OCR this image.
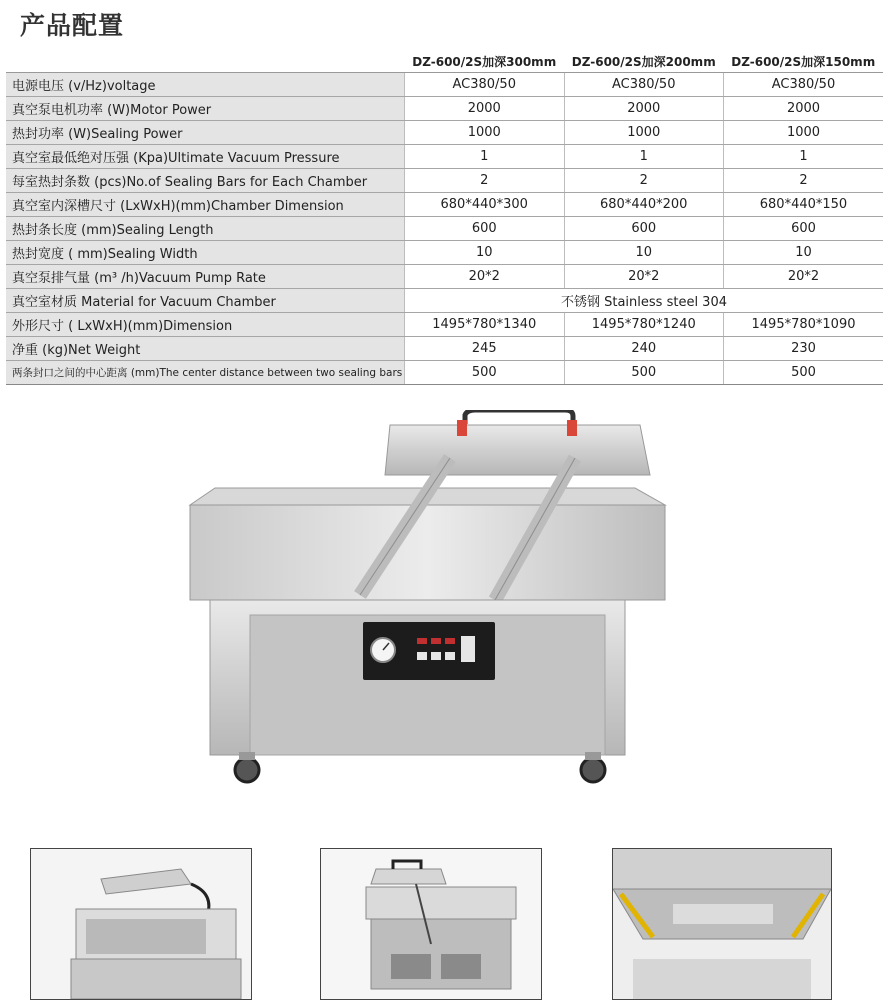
产品配置
	DZ-600/2S加深300mm	DZ-600/2S加深200mm	DZ-600/2S加深150mm
电源电压 (v/Hz)voltage	AC380/50	AC380/50	AC380/50
真空泵电机功率 (W)Motor Power	2000	2000	2000
热封功率 (W)Sealing Power	1000	1000	1000
真空室最低绝对压强 (Kpa)Ultimate Vacuum Pressure	1	1	1
每室热封条数 (pcs)No.of Sealing Bars for Each Chamber	2	2	2
真空室内深槽尺寸 (LxWxH)(mm)Chamber Dimension	680*440*300	680*440*200	680*440*150
热封条长度 (mm)Sealing Length	600	600	600
热封宽度 ( mm)Sealing Width	10	10	10
真空泵排气量 (m³ /h)Vacuum Pump Rate	20*2	20*2	20*2
真空室材质 Material for Vacuum Chamber	不锈钢 Stainless steel 304		
外形尺寸 ( LxWxH)(mm)Dimension	1495*780*1340	1495*780*1240	1495*780*1090
净重 (kg)Net Weight	245	240	230
两条封口之间的中心距离 (mm)The center distance between two sealing bars	500	500	500
